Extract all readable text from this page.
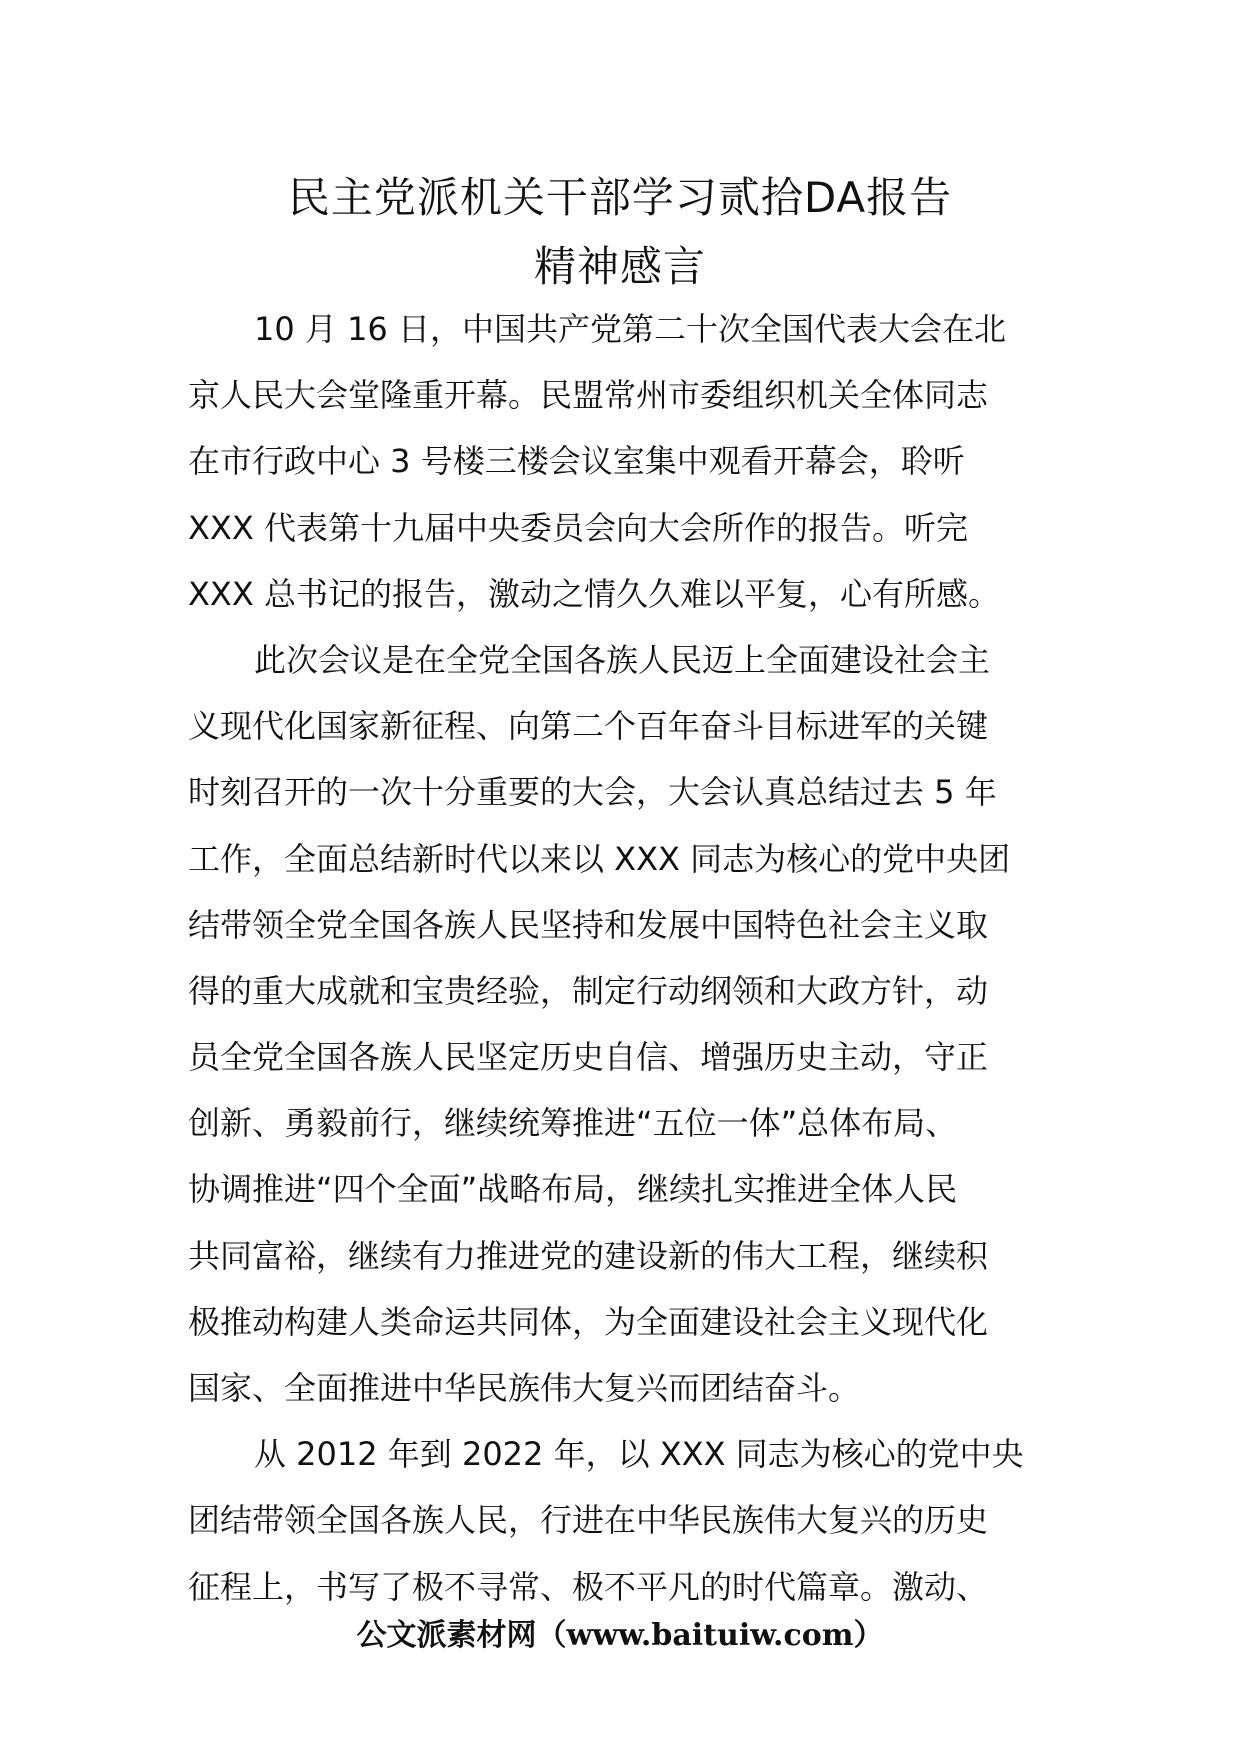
民主党派机关干部学习贰拾DA报告
精神感言
10 月 16 日，中国共产党第二十次全国代表大会在北
京人民大会堂隆重开幕。民盟常州市委组织机关全体同志
在市行政中心 3 号楼三楼会议室集中观看开幕会，聆听
XXX 代表第十九届中央委员会向大会所作的报告。听完
XXX 总书记的报告，激动之情久久难以平复，心有所感。
此次会议是在全党全国各族人民迈上全面建设社会主
义现代化国家新征程、向第二个百年奋斗目标进军的关键
时刻召开的一次十分重要的大会，大会认真总结过去 5 年
工作，全面总结新时代以来以 XXX 同志为核心的党中央团
结带领全党全国各族人民坚持和发展中国特色社会主义取
得的重大成就和宝贵经验，制定行动纲领和大政方针，动
员全党全国各族人民坚定历史自信、增强历史主动，守正
创新、勇毅前行，继续统筹推进“五位一体”总体布局、
协调推进“四个全面”战略布局，继续扎实推进全体人民
共同富裕，继续有力推进党的建设新的伟大工程，继续积
极推动构建人类命运共同体，为全面建设社会主义现代化
国家、全面推进中华民族伟大复兴而团结奋斗。
从 2012 年到 2022 年，以 XXX 同志为核心的党中央
团结带领全国各族人民，行进在中华民族伟大复兴的历史
征程上，书写了极不寻常、极不平凡的时代篇章。激动、
公文派素材网（www.baituiw.com）
